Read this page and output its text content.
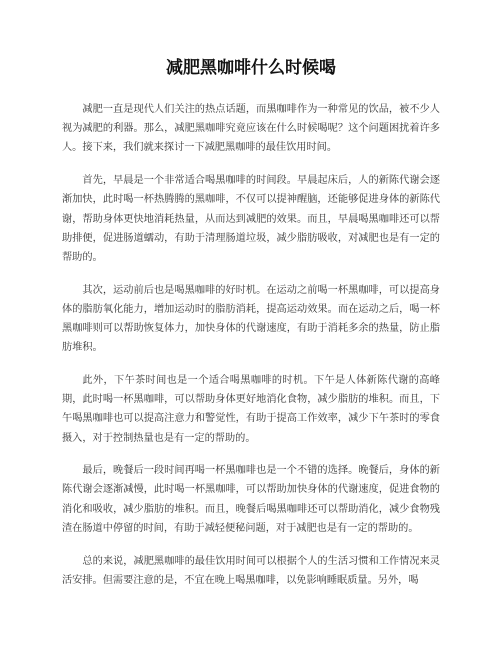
减肥黑咖啡什么时候喝

减肥一直是现代人们关注的热点话题，而黑咖啡作为一种常见的饮品，被不少人视为减肥的利器。那么，减肥黑咖啡究竟应该在什么时候喝呢？这个问题困扰着许多人。接下来，我们就来探讨一下减肥黑咖啡的最佳饮用时间。

首先，早晨是一个非常适合喝黑咖啡的时间段。早晨起床后，人的新陈代谢会逐渐加快，此时喝一杯热腾腾的黑咖啡，不仅可以提神醒脑，还能够促进身体的新陈代谢，帮助身体更快地消耗热量，从而达到减肥的效果。而且，早晨喝黑咖啡还可以帮助排便，促进肠道蠕动，有助于清理肠道垃圾，减少脂肪吸收，对减肥也是有一定的帮助的。

其次，运动前后也是喝黑咖啡的好时机。在运动之前喝一杯黑咖啡，可以提高身体的脂肪氧化能力，增加运动时的脂肪消耗，提高运动效果。而在运动之后，喝一杯黑咖啡则可以帮助恢复体力，加快身体的代谢速度，有助于消耗多余的热量，防止脂肪堆积。

此外，下午茶时间也是一个适合喝黑咖啡的时机。下午是人体新陈代谢的高峰期，此时喝一杯黑咖啡，可以帮助身体更好地消化食物，减少脂肪的堆积。而且，下午喝黑咖啡也可以提高注意力和警觉性，有助于提高工作效率，减少下午茶时的零食摄入，对于控制热量也是有一定的帮助的。

最后，晚餐后一段时间再喝一杯黑咖啡也是一个不错的选择。晚餐后，身体的新陈代谢会逐渐减慢，此时喝一杯黑咖啡，可以帮助加快身体的代谢速度，促进食物的消化和吸收，减少脂肪的堆积。而且，晚餐后喝黑咖啡还可以帮助消化，减少食物残渣在肠道中停留的时间，有助于减轻便秘问题，对于减肥也是有一定的帮助的。

总的来说，减肥黑咖啡的最佳饮用时间可以根据个人的生活习惯和工作情况来灵活安排。但需要注意的是，不宜在晚上喝黑咖啡，以免影响睡眠质量。另外，喝
